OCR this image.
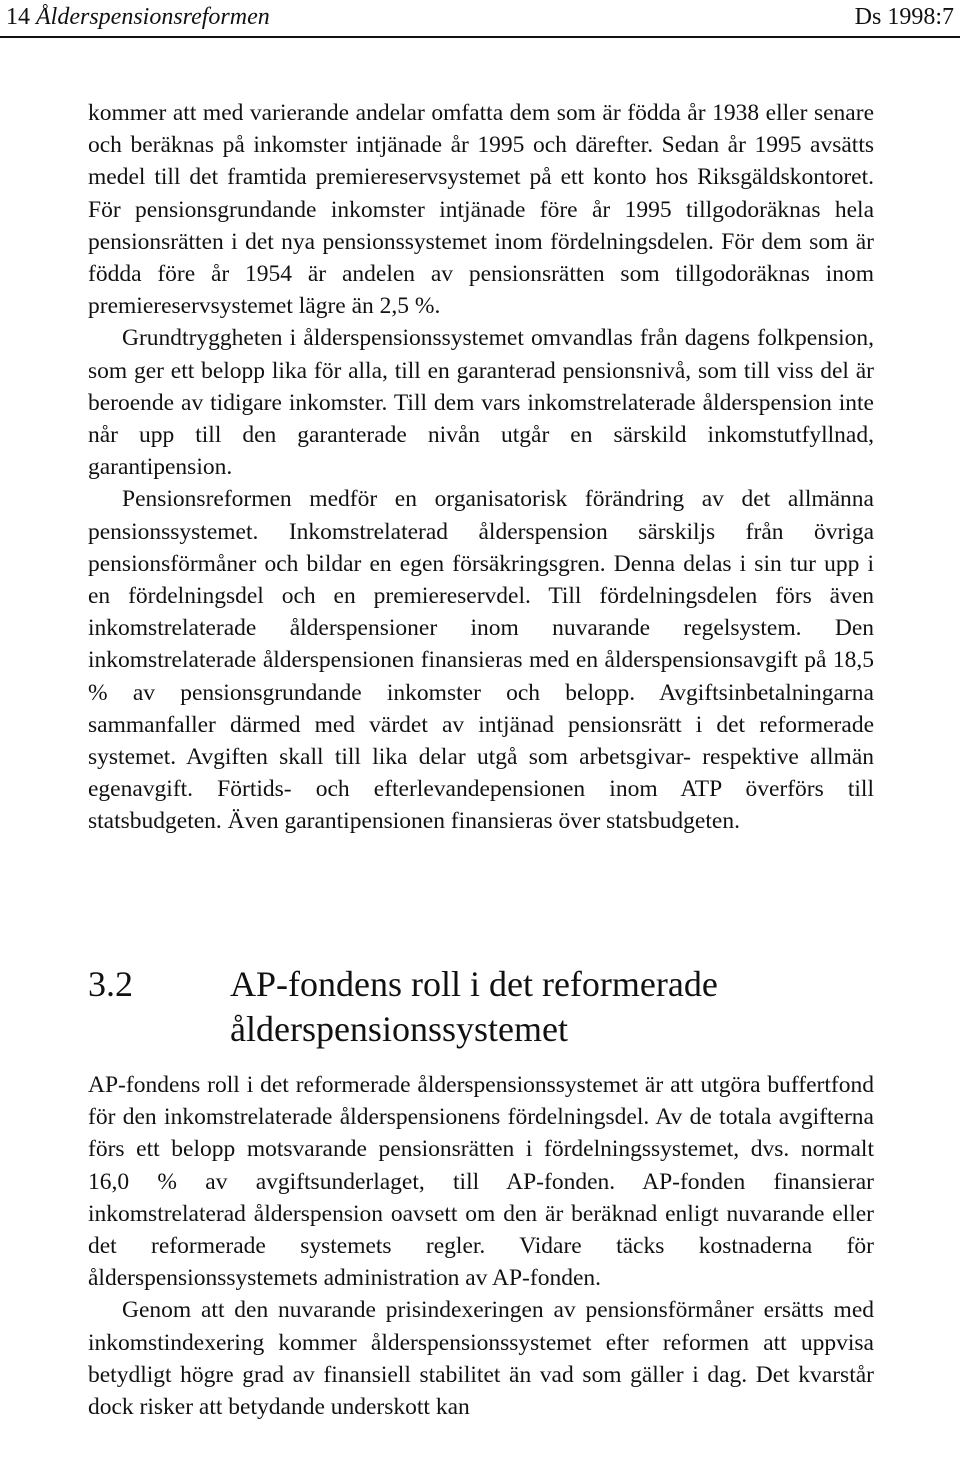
14 Ålderspensionsreformen	Ds 1998:7

kommer att med varierande andelar omfatta dem som är födda år 1938 eller senare och beräknas på inkomster intjänade år 1995 och därefter. Sedan år 1995 avsätts medel till det framtida premiereservsystemet på ett konto hos Riksgäldskontoret. För pensionsgrundande inkomster intjänade före år 1995 tillgodoräknas hela pensionsrätten i det nya pensionssystemet inom fördelningsdelen. För dem som är födda före år 1954 är andelen av pensionsrätten som tillgodoräknas inom premiereservsystemet lägre än 2,5 %.

Grundtryggheten i ålderspensionssystemet omvandlas från dagens folkpension, som ger ett belopp lika för alla, till en garanterad pensionsnivå, som till viss del är beroende av tidigare inkomster. Till dem vars inkomstrelaterade ålderspension inte når upp till den garanterade nivån utgår en särskild inkomstutfyllnad, garantipension.

Pensionsreformen medför en organisatorisk förändring av det allmänna pensionssystemet. Inkomstrelaterad ålderspension särskiljs från övriga pensionsförmåner och bildar en egen försäkringsgren. Denna delas i sin tur upp i en fördelningsdel och en premiereservdel. Till fördelningsdelen förs även inkomstrelaterade ålderspensioner inom nuvarande regelsystem. Den inkomstrelaterade ålderspensionen finansieras med en ålderspensionsavgift på 18,5 % av pensionsgrundande inkomster och belopp. Avgiftsinbetalningarna sammanfaller därmed med värdet av intjänad pensionsrätt i det reformerade systemet. Avgiften skall till lika delar utgå som arbetsgivar- respektive allmän egenavgift. Förtids- och efterlevandepensionen inom ATP överförs till statsbudgeten. Även garantipensionen finansieras över statsbudgeten.

3.2	AP-fondens roll i det reformerade ålderspensionssystemet

AP-fondens roll i det reformerade ålderspensionssystemet är att utgöra buffertfond för den inkomstrelaterade ålderspensionens fördelningsdel. Av de totala avgifterna förs ett belopp motsvarande pensionsrätten i fördelningssystemet, dvs. normalt 16,0 % av avgiftsunderlaget, till AP-fonden. AP-fonden finansierar inkomstrelaterad ålderspension oavsett om den är beräknad enligt nuvarande eller det reformerade systemets regler. Vidare täcks kostnaderna för ålderspensionssystemets administration av AP-fonden.

Genom att den nuvarande prisindexeringen av pensionsförmåner ersätts med inkomstindexering kommer ålderspensionssystemet efter reformen att uppvisa betydligt högre grad av finansiell stabilitet än vad som gäller i dag. Det kvarstår dock risker att betydande underskott kan
